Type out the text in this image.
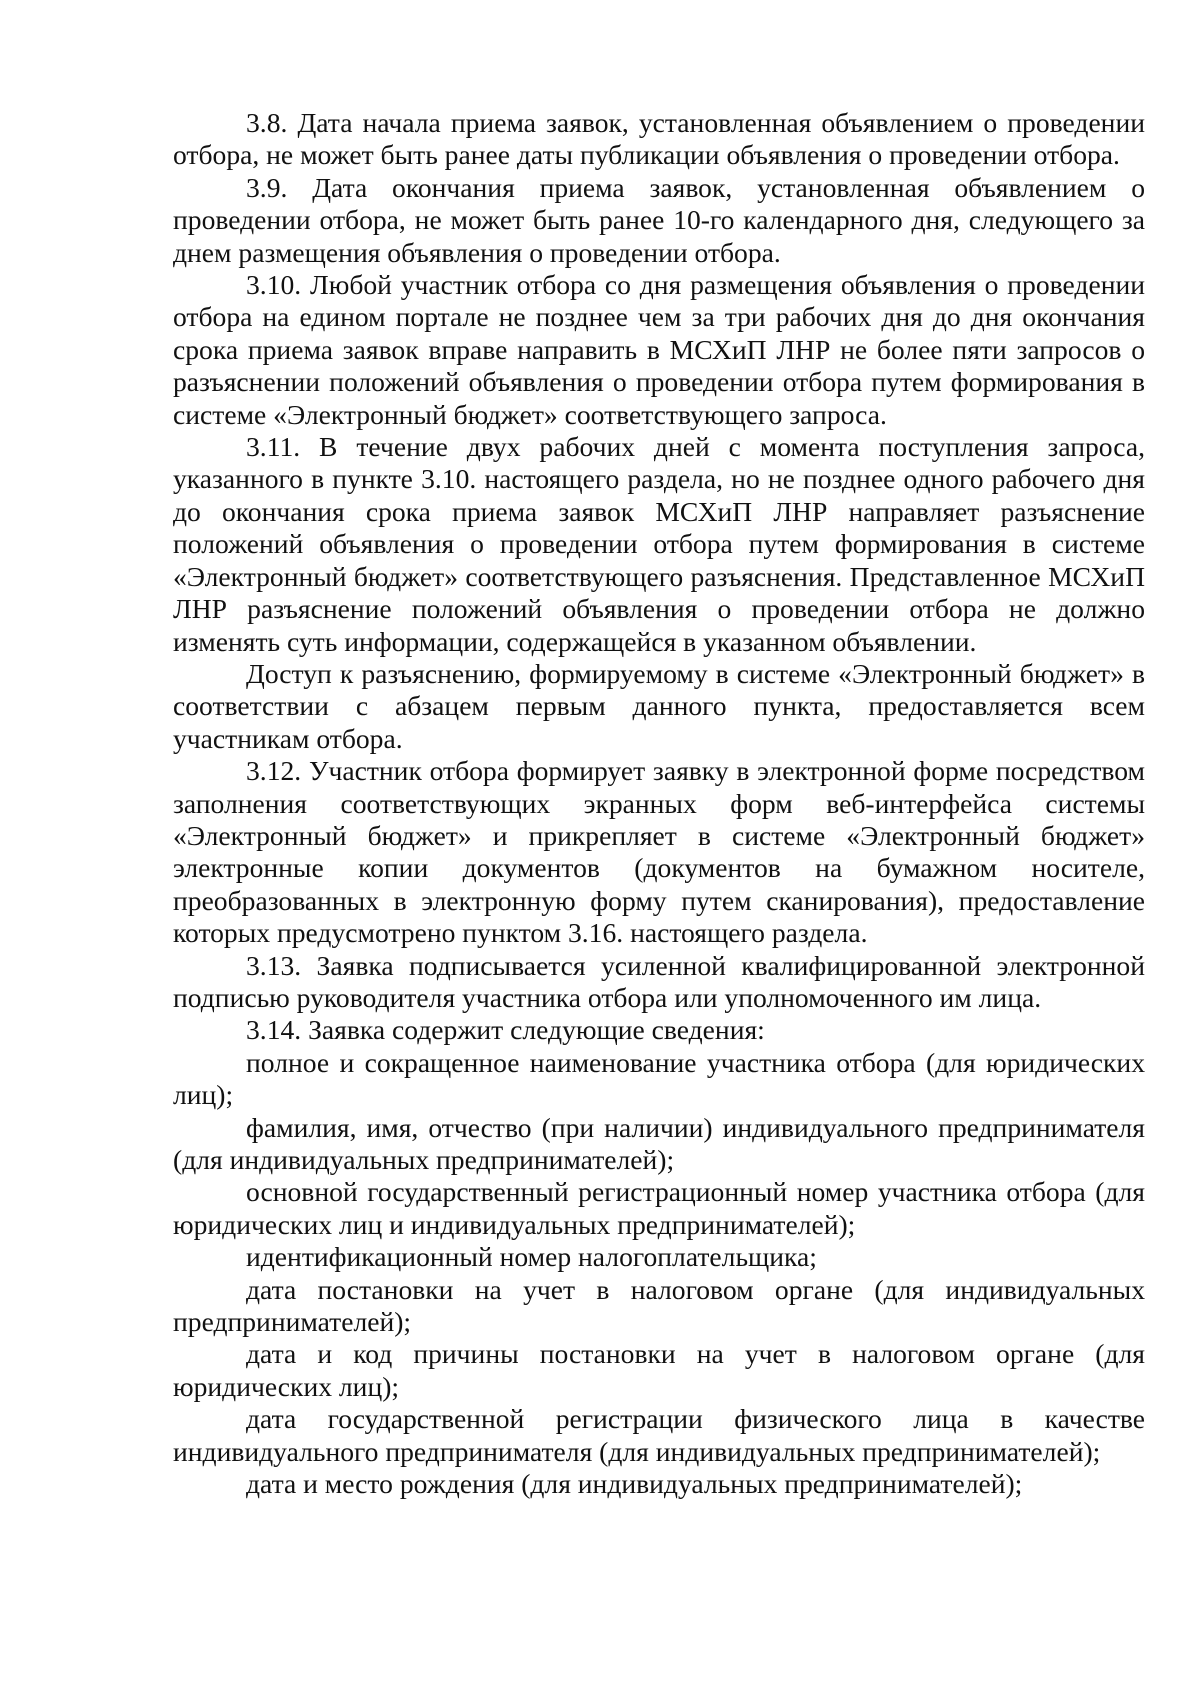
3.8. Дата начала приема заявок, установленная объявлением о проведении отбора, не может быть ранее даты публикации объявления о проведении отбора.

3.9. Дата окончания приема заявок, установленная объявлением о проведении отбора, не может быть ранее 10-го календарного дня, следующего за днем размещения объявления о проведении отбора.

3.10. Любой участник отбора со дня размещения объявления о проведении отбора на едином портале не позднее чем за три рабочих дня до дня окончания срока приема заявок вправе направить в МСХиП ЛНР не более пяти запросов о разъяснении положений объявления о проведении отбора путем формирования в системе «Электронный бюджет» соответствующего запроса.

3.11. В течение двух рабочих дней с момента поступления запроса, указанного в пункте 3.10. настоящего раздела, но не позднее одного рабочего дня до окончания срока приема заявок МСХиП ЛНР направляет разъяснение положений объявления о проведении отбора путем формирования в системе «Электронный бюджет» соответствующего разъяснения. Представленное МСХиП ЛНР разъяснение положений объявления о проведении отбора не должно изменять суть информации, содержащейся в указанном объявлении.

Доступ к разъяснению, формируемому в системе «Электронный бюджет» в соответствии с абзацем первым данного пункта, предоставляется всем участникам отбора.

3.12. Участник отбора формирует заявку в электронной форме посредством заполнения соответствующих экранных форм веб-интерфейса системы «Электронный бюджет» и прикрепляет в системе «Электронный бюджет» электронные копии документов (документов на бумажном носителе, преобразованных в электронную форму путем сканирования), предоставление которых предусмотрено пунктом 3.16. настоящего раздела.

3.13. Заявка подписывается усиленной квалифицированной электронной подписью руководителя участника отбора или уполномоченного им лица.

3.14. Заявка содержит следующие сведения:

полное и сокращенное наименование участника отбора (для юридических лиц);

фамилия, имя, отчество (при наличии) индивидуального предпринимателя (для индивидуальных предпринимателей);

основной государственный регистрационный номер участника отбора (для юридических лиц и индивидуальных предпринимателей);

идентификационный номер налогоплательщика;

дата постановки на учет в налоговом органе (для индивидуальных предпринимателей);

дата и код причины постановки на учет в налоговом органе (для юридических лиц);

дата государственной регистрации физического лица в качестве индивидуального предпринимателя (для индивидуальных предпринимателей);

дата и место рождения (для индивидуальных предпринимателей);
